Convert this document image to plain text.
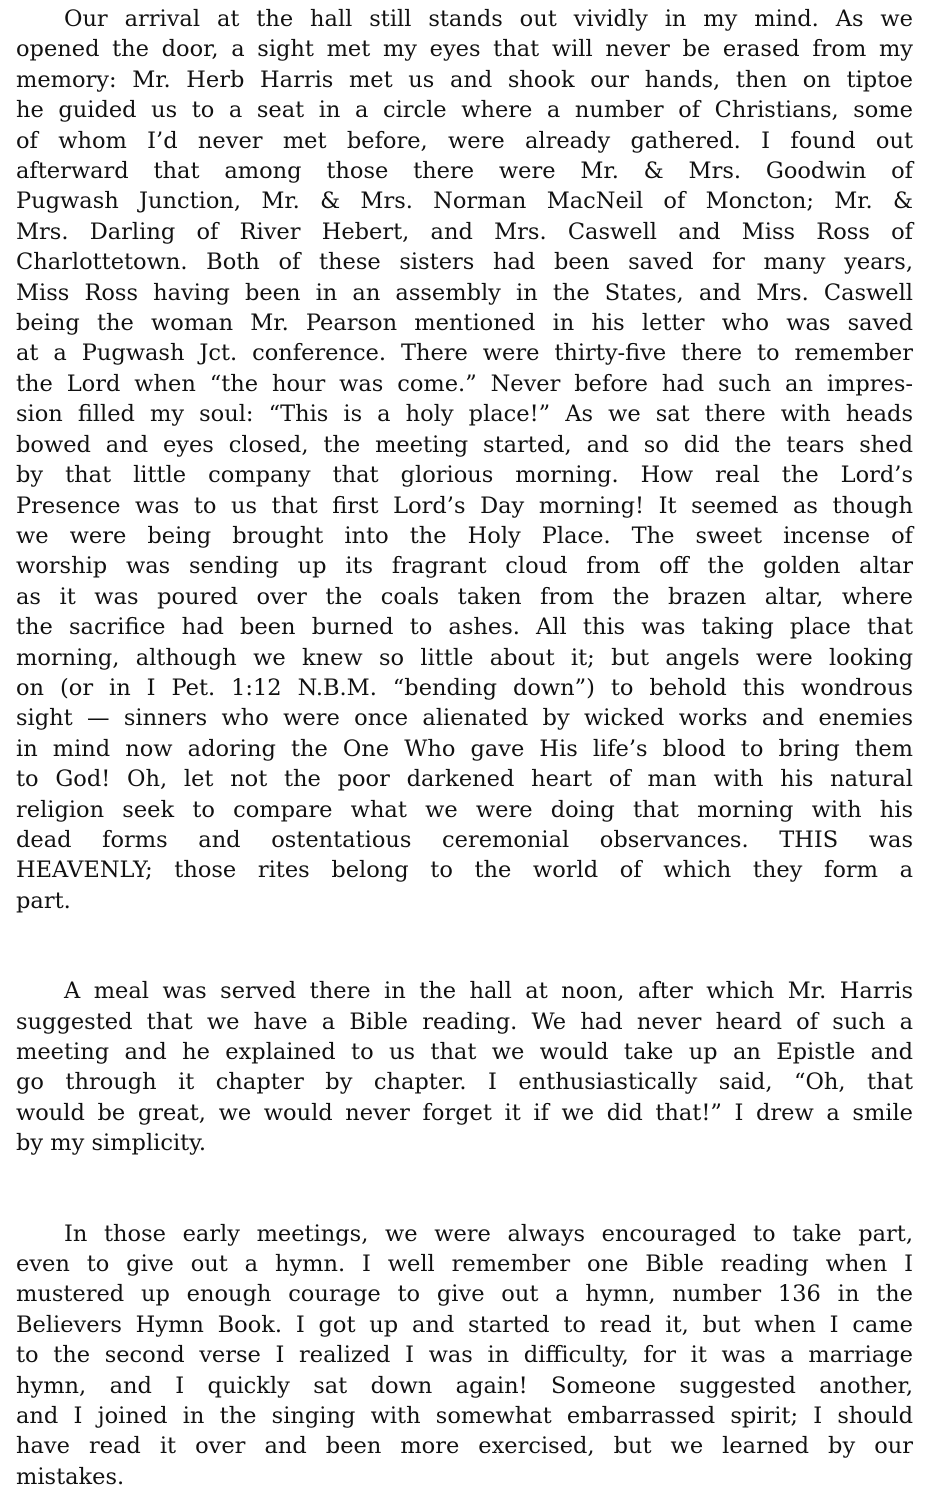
Our arrival at the hall still stands out vividly in my mind. As we
opened the door, a sight met my eyes that will never be erased from my
memory: Mr. Herb Harris met us and shook our hands, then on tiptoe
he guided us to a seat in a circle where a number of Christians, some
of whom I’d never met before, were already gathered. I found out
afterward that among those there were Mr. & Mrs. Goodwin of
Pugwash Junction, Mr. & Mrs. Norman MacNeil of Moncton; Mr. &
Mrs. Darling of River Hebert, and Mrs. Caswell and Miss Ross of
Charlottetown. Both of these sisters had been saved for many years,
Miss Ross having been in an assembly in the States, and Mrs. Caswell
being the woman Mr. Pearson mentioned in his letter who was saved
at a Pugwash Jct. conference. There were thirty-five there to remember
the Lord when “the hour was come.” Never before had such an impres-
sion filled my soul: “This is a holy place!” As we sat there with heads
bowed and eyes closed, the meeting started, and so did the tears shed
by that little company that glorious morning. How real the Lord’s
Presence was to us that first Lord’s Day morning! It seemed as though
we were being brought into the Holy Place. The sweet incense of
worship was sending up its fragrant cloud from off the golden altar
as it was poured over the coals taken from the brazen altar, where
the sacrifice had been burned to ashes. All this was taking place that
morning, although we knew so little about it; but angels were looking
on (or in I Pet. 1:12 N.B.M. “bending down”) to behold this wondrous
sight — sinners who were once alienated by wicked works and enemies
in mind now adoring the One Who gave His life’s blood to bring them
to God! Oh, let not the poor darkened heart of man with his natural
religion seek to compare what we were doing that morning with his
dead forms and ostentatious ceremonial observances. THIS was
HEAVENLY; those rites belong to the world of which they form a
part.
A meal was served there in the hall at noon, after which Mr. Harris
suggested that we have a Bible reading. We had never heard of such a
meeting and he explained to us that we would take up an Epistle and
go through it chapter by chapter. I enthusiastically said, “Oh, that
would be great, we would never forget it if we did that!” I drew a smile
by my simplicity.
In those early meetings, we were always encouraged to take part,
even to give out a hymn. I well remember one Bible reading when I
mustered up enough courage to give out a hymn, number 136 in the
Believers Hymn Book. I got up and started to read it, but when I came
to the second verse I realized I was in difficulty, for it was a marriage
hymn, and I quickly sat down again! Someone suggested another,
and I joined in the singing with somewhat embarrassed spirit; I should
have read it over and been more exercised, but we learned by our
mistakes.
